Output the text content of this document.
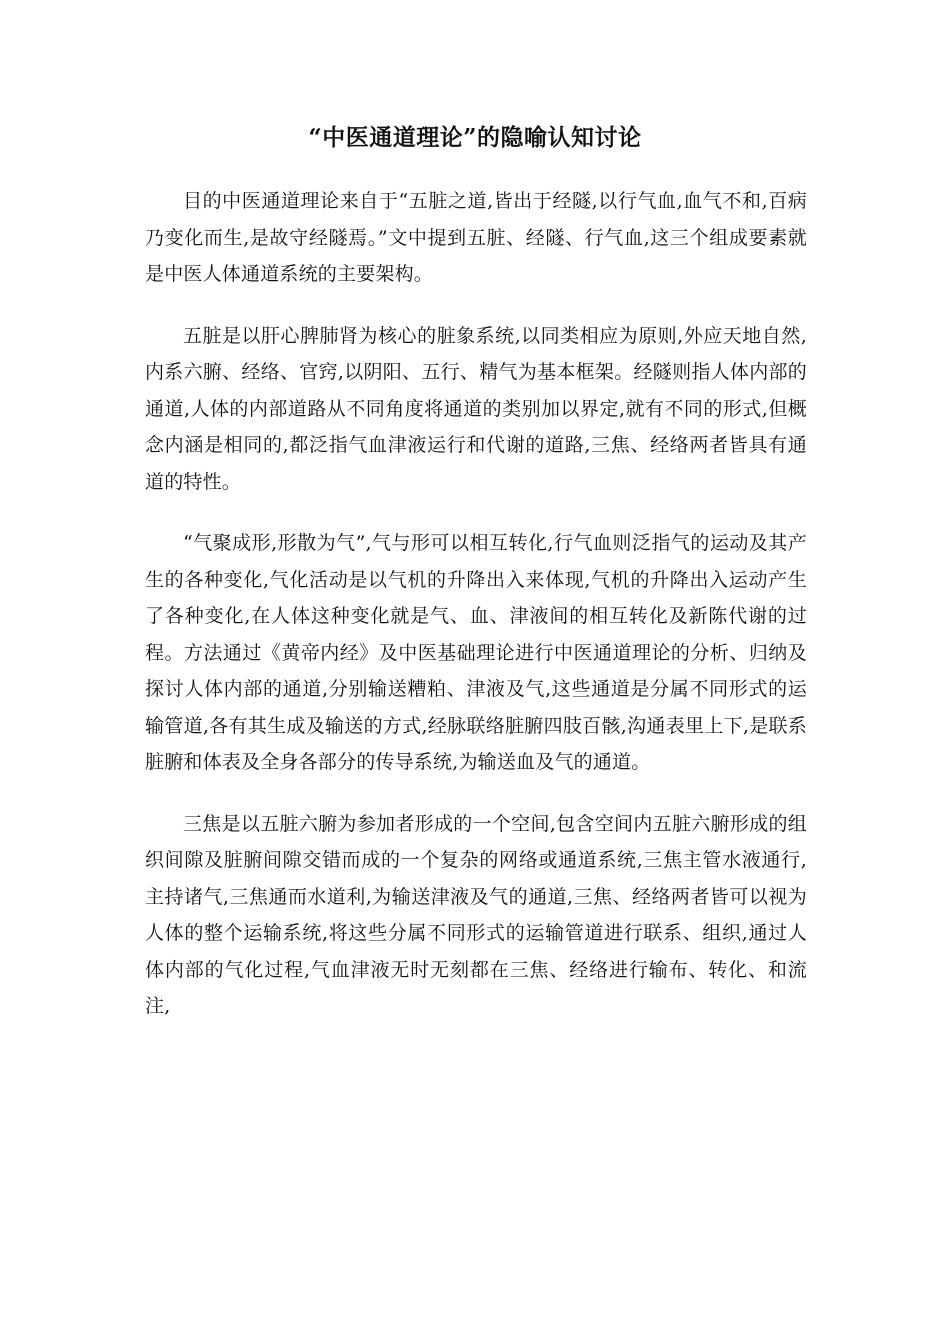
“中医通道理论”的隐喻认知讨论

目的中医通道理论来自于“五脏之道,皆出于经隧,以行气血,血气不和,百病乃变化而生,是故守经隧焉。”文中提到五脏、经隧、行气血,这三个组成要素就是中医人体通道系统的主要架构。

五脏是以肝心脾肺肾为核心的脏象系统,以同类相应为原则,外应天地自然,内系六腑、经络、官窍,以阴阳、五行、精气为基本框架。经隧则指人体内部的通道,人体的内部道路从不同角度将通道的类别加以界定,就有不同的形式,但概念内涵是相同的,都泛指气血津液运行和代谢的道路,三焦、经络两者皆具有通道的特性。

“气聚成形,形散为气”,气与形可以相互转化,行气血则泛指气的运动及其产生的各种变化,气化活动是以气机的升降出入来体现,气机的升降出入运动产生了各种变化,在人体这种变化就是气、血、津液间的相互转化及新陈代谢的过程。方法通过《黄帝内经》及中医基础理论进行中医通道理论的分析、归纳及探讨人体内部的通道,分别输送糟粕、津液及气,这些通道是分属不同形式的运输管道,各有其生成及输送的方式,经脉联络脏腑四肢百骸,沟通表里上下,是联系脏腑和体表及全身各部分的传导系统,为输送血及气的通道。

三焦是以五脏六腑为参加者形成的一个空间,包含空间内五脏六腑形成的组织间隙及脏腑间隙交错而成的一个复杂的网络或通道系统,三焦主管水液通行,主持诸气,三焦通而水道利,为输送津液及气的通道,三焦、经络两者皆可以视为人体的整个运输系统,将这些分属不同形式的运输管道进行联系、组织,通过人体内部的气化过程,气血津液无时无刻都在三焦、经络进行输布、转化、和流注,
